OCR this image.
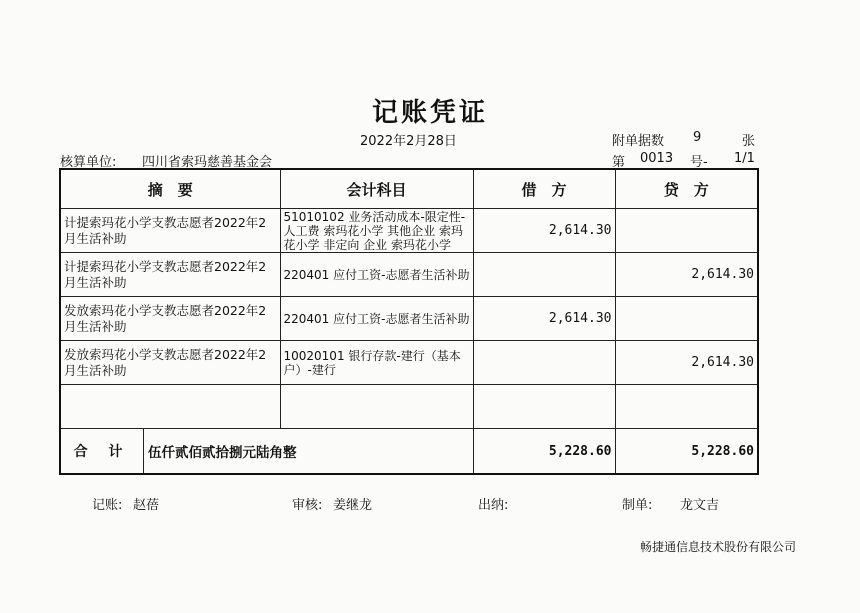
记账凭证
2022年2月28日	附单据数 9	张
核算单位: 四川省索玛慈善基金会	第 0013 号- 1/1
摘　要	会计科目	借　方	贷　方
计提索玛花小学支教志愿者2022年2月生活补助	51010102 业务活动成本-限定性-人工费 索玛花小学 其他企业 索玛花小学 非定向 企业 索玛花小学	2,614.30	
计提索玛花小学支教志愿者2022年2月生活补助	220401 应付工资-志愿者生活补助		2,614.30
发放索玛花小学支教志愿者2022年2月生活补助	220401 应付工资-志愿者生活补助	2,614.30	
发放索玛花小学支教志愿者2022年2月生活补助	10020101 银行存款-建行（基本户）-建行		2,614.30

合 计 伍仟贰佰贰拾捌元陆角整		5,228.60	5,228.60
记账: 赵蓓	审核: 姜继龙	出纳:	制单: 龙文吉
畅捷通信息技术股份有限公司
